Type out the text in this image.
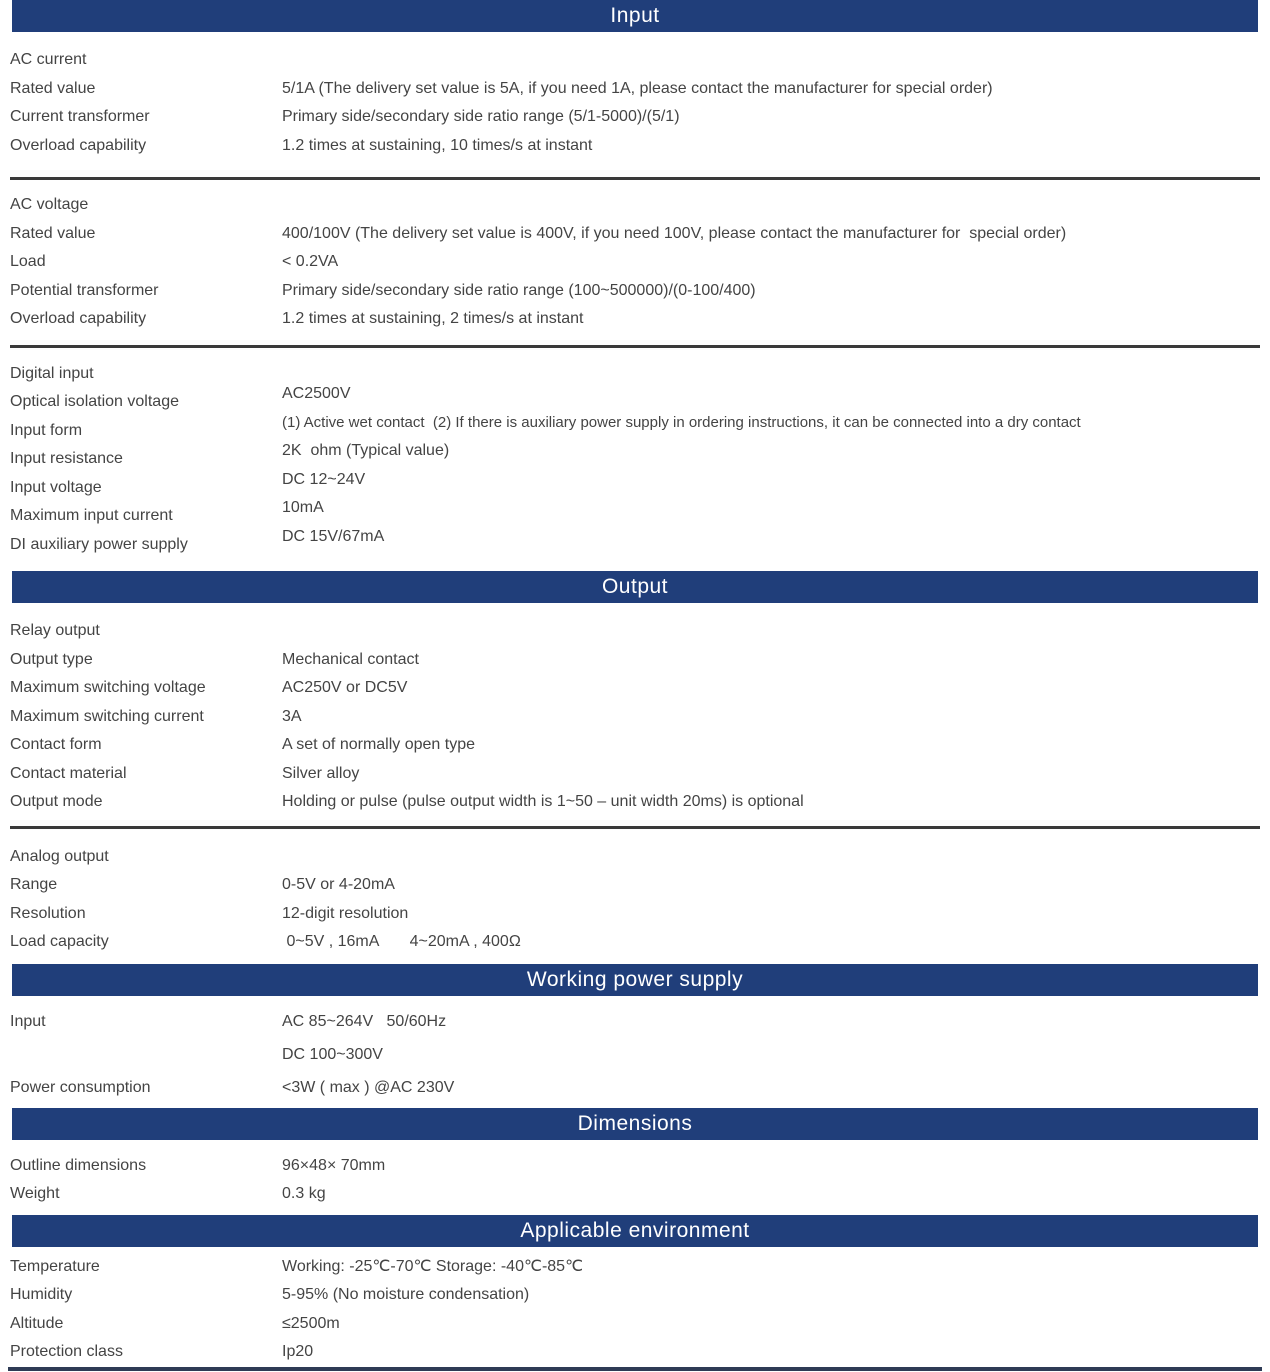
Input
AC current
Rated value	5/1A (The delivery set value is 5A, if you need 1A, please contact the manufacturer for special order)
Current transformer	Primary side/secondary side ratio range (5/1-5000)/(5/1)
Overload capability	1.2 times at sustaining, 10 times/s at instant
AC voltage
Rated value	400/100V (The delivery set value is 400V, if you need 100V, please contact the manufacturer for  special order)
Load	< 0.2VA
Potential transformer	Primary side/secondary side ratio range (100~500000)/(0-100/400)
Overload capability	1.2 times at sustaining, 2 times/s at instant
Digital input
Optical isolation voltage	AC2500V
Input form	(1) Active wet contact  (2) If there is auxiliary power supply in ordering instructions, it can be connected into a dry contact
Input resistance	2K  ohm (Typical value)
Input voltage	DC 12~24V
Maximum input current	10mA
DI auxiliary power supply	DC 15V/67mA
Output
Relay output
Output type	Mechanical contact
Maximum switching voltage	AC250V or DC5V
Maximum switching current	3A
Contact form	A set of normally open type
Contact material	Silver alloy
Output mode	Holding or pulse (pulse output width is 1~50 – unit width 20ms) is optional
Analog output
Range	0-5V or 4-20mA
Resolution	12-digit resolution
Load capacity	0~5V , 16mA       4~20mA , 400Ω
Working power supply
Input	AC 85~264V   50/60Hz
DC 100~300V
Power consumption	<3W ( max ) @AC 230V
Dimensions
Outline dimensions	96×48× 70mm
Weight	0.3 kg
Applicable environment
Temperature	Working: -25℃-70℃ Storage: -40℃-85℃
Humidity	5-95% (No moisture condensation)
Altitude	≤2500m
Protection class	Ip20
